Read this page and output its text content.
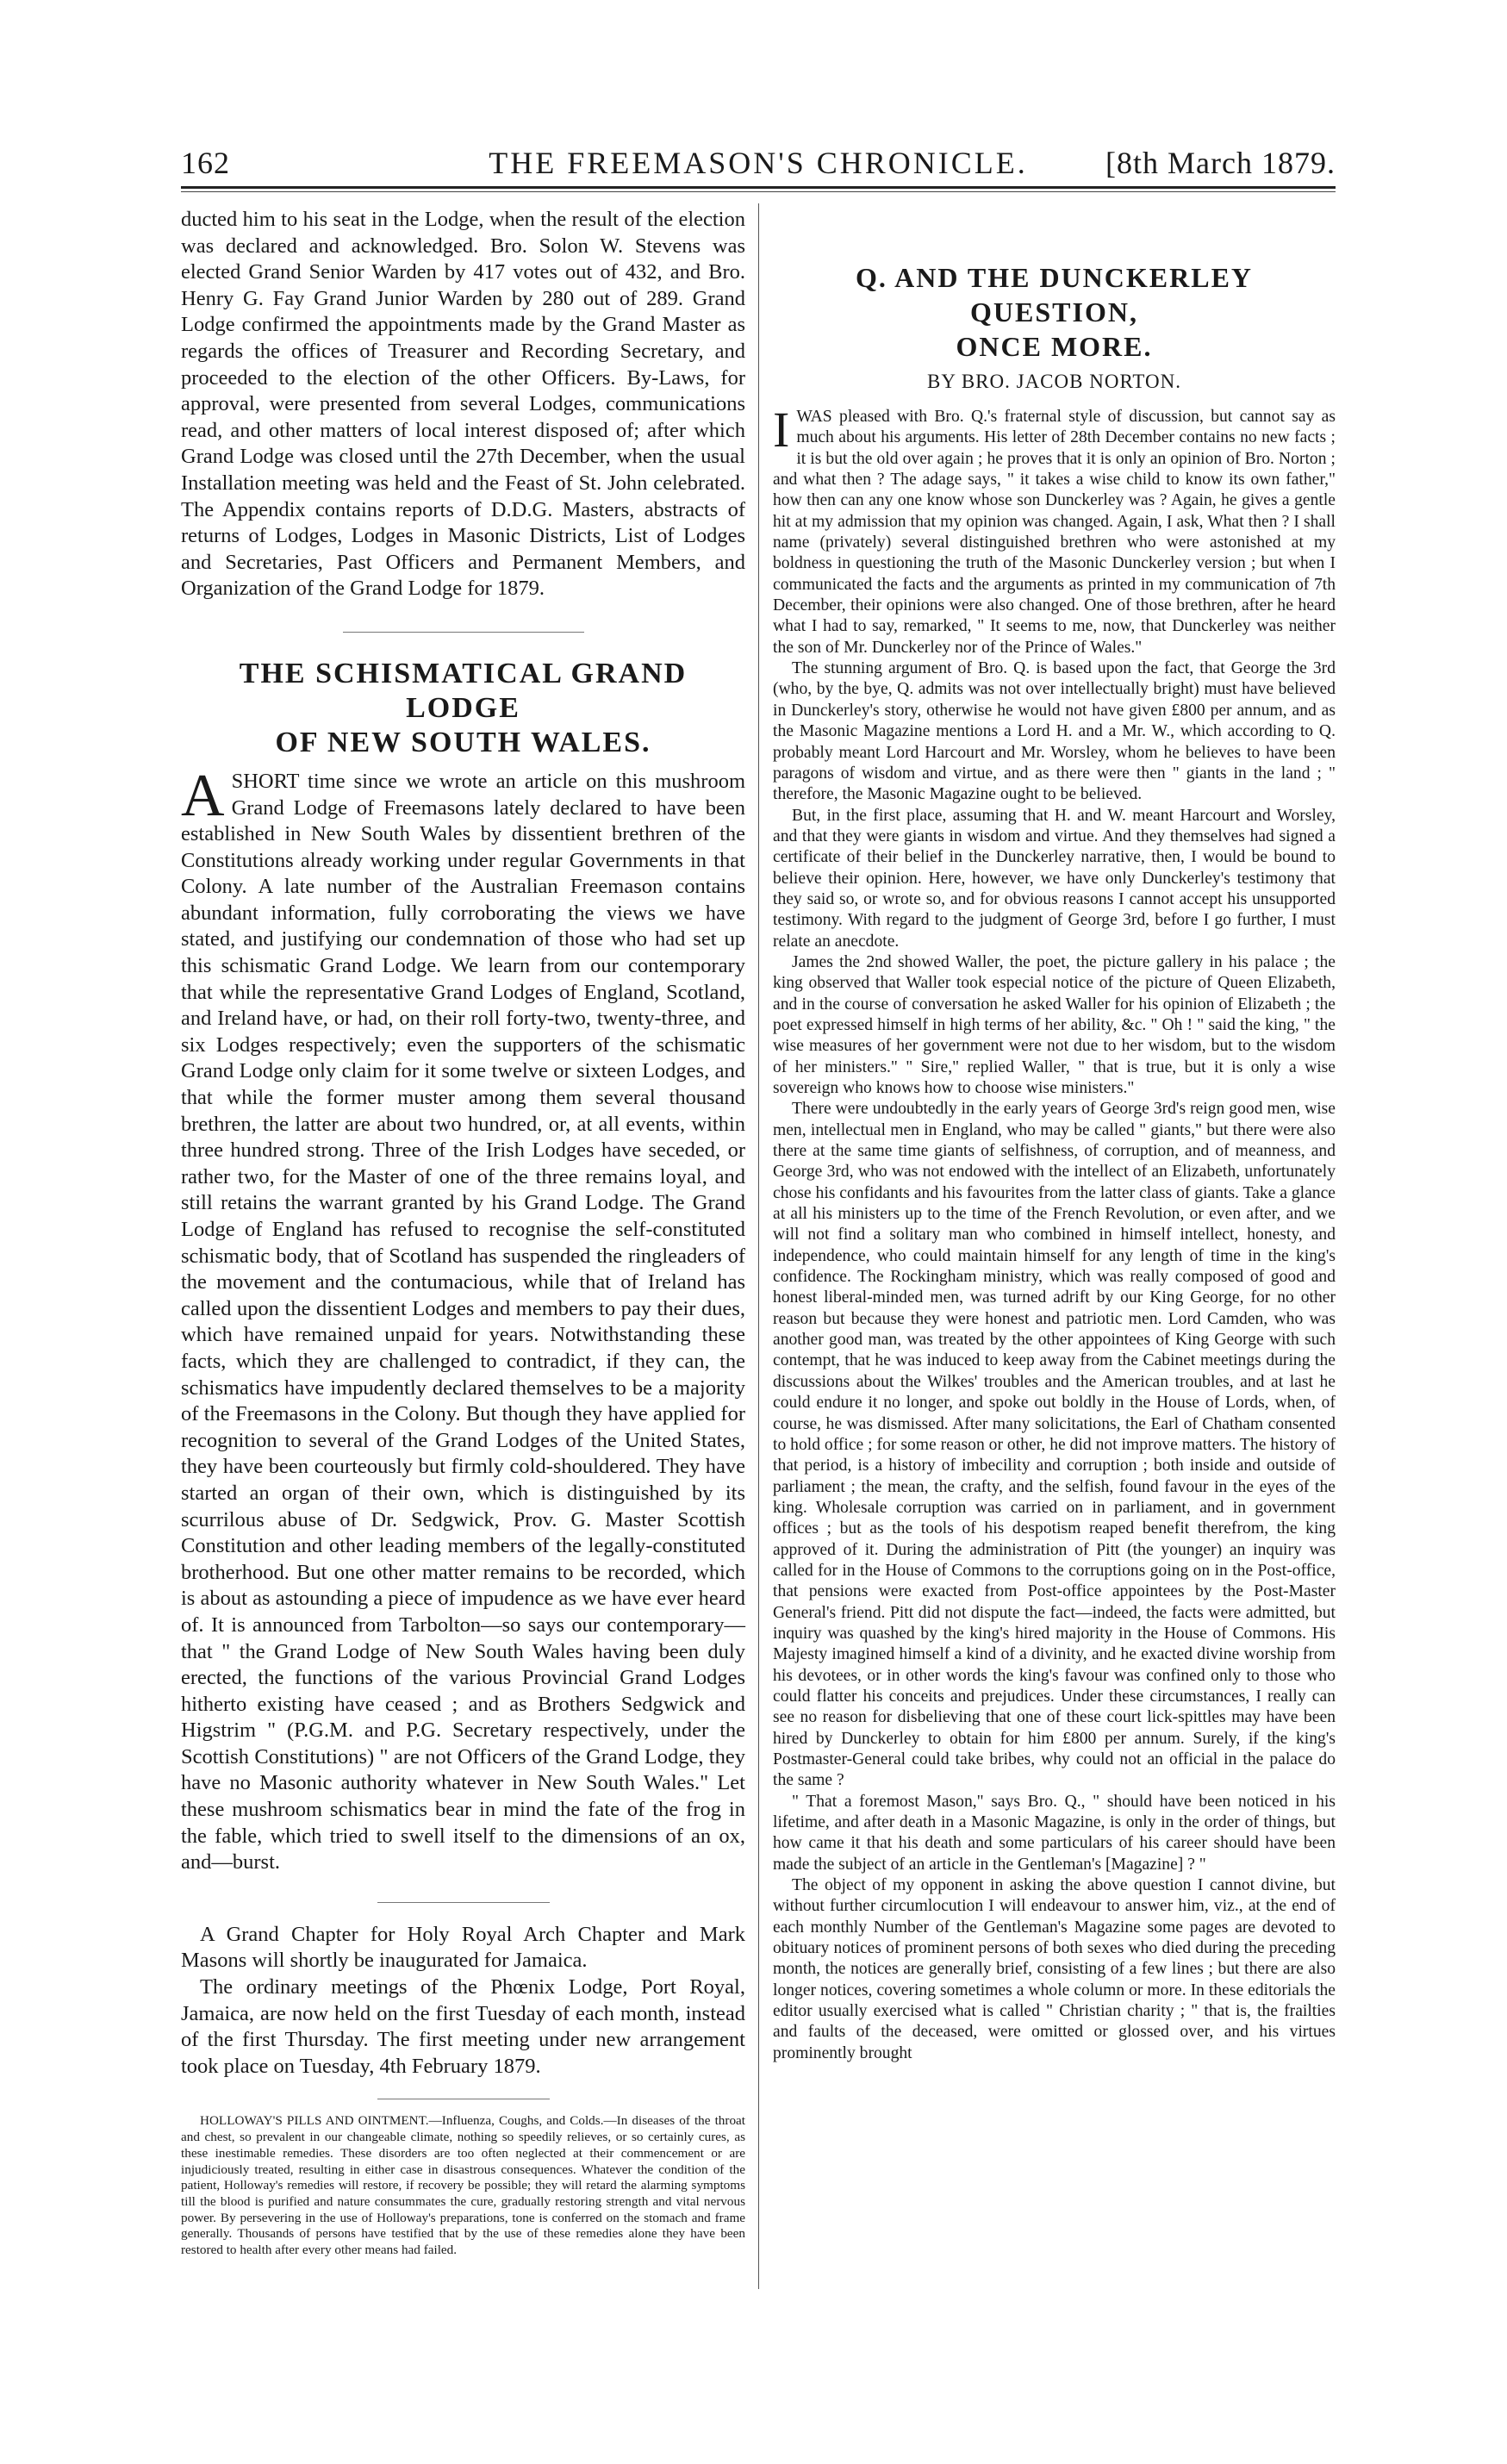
162	THE FREEMASON'S CHRONICLE.	[8th March 1879.

ducted him to his seat in the Lodge, when the result of the election was declared and acknowledged. Bro. Solon W. Stevens was elected Grand Senior Warden by 417 votes out of 432, and Bro. Henry G. Fay Grand Junior Warden by 280 out of 289. Grand Lodge confirmed the appointments made by the Grand Master as regards the offices of Treasurer and Recording Secretary, and proceeded to the election of the other Officers. By-Laws, for approval, were presented from several Lodges, communications read, and other matters of local interest disposed of; after which Grand Lodge was closed until the 27th December, when the usual Installation meeting was held and the Feast of St. John celebrated. The Appendix contains reports of D.D.G. Masters, abstracts of returns of Lodges, Lodges in Masonic Districts, List of Lodges and Secretaries, Past Officers and Permanent Members, and Organization of the Grand Lodge for 1879.

THE SCHISMATICAL GRAND LODGE
OF NEW SOUTH WALES.

A SHORT time since we wrote an article on this mushroom Grand Lodge of Freemasons lately declared to have been established in New South Wales by dissentient brethren of the Constitutions already working under regular Governments in that Colony. A late number of the Australian Freemason contains abundant information, fully corroborating the views we have stated, and justifying our condemnation of those who had set up this schismatic Grand Lodge. We learn from our contemporary that while the representative Grand Lodges of England, Scotland, and Ireland have, or had, on their roll forty-two, twenty-three, and six Lodges respectively; even the supporters of the schismatic Grand Lodge only claim for it some twelve or sixteen Lodges, and that while the former muster among them several thousand brethren, the latter are about two hundred, or, at all events, within three hundred strong. Three of the Irish Lodges have seceded, or rather two, for the Master of one of the three remains loyal, and still retains the warrant granted by his Grand Lodge. The Grand Lodge of England has refused to recognise the self-constituted schismatic body, that of Scotland has suspended the ringleaders of the movement and the contumacious, while that of Ireland has called upon the dissentient Lodges and members to pay their dues, which have remained unpaid for years. Notwithstanding these facts, which they are challenged to contradict, if they can, the schismatics have impudently declared themselves to be a majority of the Freemasons in the Colony. But though they have applied for recognition to several of the Grand Lodges of the United States, they have been courteously but firmly cold-shouldered. They have started an organ of their own, which is distinguished by its scurrilous abuse of Dr. Sedgwick, Prov. G. Master Scottish Constitution and other leading members of the legally-constituted brotherhood. But one other matter remains to be recorded, which is about as astounding a piece of impudence as we have ever heard of. It is announced from Tarbolton—so says our contemporary—that " the Grand Lodge of New South Wales having been duly erected, the functions of the various Provincial Grand Lodges hitherto existing have ceased ; and as Brothers Sedgwick and Higstrim " (P.G.M. and P.G. Secretary respectively, under the Scottish Constitutions) " are not Officers of the Grand Lodge, they have no Masonic authority whatever in New South Wales." Let these mushroom schismatics bear in mind the fate of the frog in the fable, which tried to swell itself to the dimensions of an ox, and—burst.

A Grand Chapter for Holy Royal Arch Chapter and Mark Masons will shortly be inaugurated for Jamaica.

The ordinary meetings of the Phœnix Lodge, Port Royal, Jamaica, are now held on the first Tuesday of each month, instead of the first Thursday. The first meeting under new arrangement took place on Tuesday, 4th February 1879.

HOLLOWAY'S PILLS AND OINTMENT.—Influenza, Coughs, and Colds.—In diseases of the throat and chest, so prevalent in our changeable climate, nothing so speedily relieves, or so certainly cures, as these inestimable remedies. These disorders are too often neglected at their commencement or are injudiciously treated, resulting in either case in disastrous consequences. Whatever the condition of the patient, Holloway's remedies will restore, if recovery be possible; they will retard the alarming symptoms till the blood is purified and nature consummates the cure, gradually restoring strength and vital nervous power. By persevering in the use of Holloway's preparations, tone is conferred on the stomach and frame generally. Thousands of persons have testified that by the use of these remedies alone they have been restored to health after every other means had failed.

Q. AND THE DUNCKERLEY QUESTION,
ONCE MORE.

BY BRO. JACOB NORTON.

I WAS pleased with Bro. Q.'s fraternal style of discussion, but cannot say as much about his arguments. His letter of 28th December contains no new facts ; it is but the old over again ; he proves that it is only an opinion of Bro. Norton ; and what then ? The adage says, " it takes a wise child to know its own father," how then can any one know whose son Dunckerley was ? Again, he gives a gentle hit at my admission that my opinion was changed. Again, I ask, What then ? I shall name (privately) several distinguished brethren who were astonished at my boldness in questioning the truth of the Masonic Dunckerley version ; but when I communicated the facts and the arguments as printed in my communication of 7th December, their opinions were also changed. One of those brethren, after he heard what I had to say, remarked, " It seems to me, now, that Dunckerley was neither the son of Mr. Dunckerley nor of the Prince of Wales."

The stunning argument of Bro. Q. is based upon the fact, that George the 3rd (who, by the bye, Q. admits was not over intellectually bright) must have believed in Dunckerley's story, otherwise he would not have given £800 per annum, and as the Masonic Magazine mentions a Lord H. and a Mr. W., which according to Q. probably meant Lord Harcourt and Mr. Worsley, whom he believes to have been paragons of wisdom and virtue, and as there were then " giants in the land ; " therefore, the Masonic Magazine ought to be believed.

But, in the first place, assuming that H. and W. meant Harcourt and Worsley, and that they were giants in wisdom and virtue. And they themselves had signed a certificate of their belief in the Dunckerley narrative, then, I would be bound to believe their opinion. Here, however, we have only Dunckerley's testimony that they said so, or wrote so, and for obvious reasons I cannot accept his unsupported testimony. With regard to the judgment of George 3rd, before I go further, I must relate an anecdote.

James the 2nd showed Waller, the poet, the picture gallery in his palace ; the king observed that Waller took especial notice of the picture of Queen Elizabeth, and in the course of conversation he asked Waller for his opinion of Elizabeth ; the poet expressed himself in high terms of her ability, &c. " Oh ! " said the king, " the wise measures of her government were not due to her wisdom, but to the wisdom of her ministers." " Sire," replied Waller, " that is true, but it is only a wise sovereign who knows how to choose wise ministers."

There were undoubtedly in the early years of George 3rd's reign good men, wise men, intellectual men in England, who may be called " giants," but there were also there at the same time giants of selfishness, of corruption, and of meanness, and George 3rd, who was not endowed with the intellect of an Elizabeth, unfortunately chose his confidants and his favourites from the latter class of giants. Take a glance at all his ministers up to the time of the French Revolution, or even after, and we will not find a solitary man who combined in himself intellect, honesty, and independence, who could maintain himself for any length of time in the king's confidence. The Rockingham ministry, which was really composed of good and honest liberal-minded men, was turned adrift by our King George, for no other reason but because they were honest and patriotic men. Lord Camden, who was another good man, was treated by the other appointees of King George with such contempt, that he was induced to keep away from the Cabinet meetings during the discussions about the Wilkes' troubles and the American troubles, and at last he could endure it no longer, and spoke out boldly in the House of Lords, when, of course, he was dismissed. After many solicitations, the Earl of Chatham consented to hold office ; for some reason or other, he did not improve matters. The history of that period, is a history of imbecility and corruption ; both inside and outside of parliament ; the mean, the crafty, and the selfish, found favour in the eyes of the king. Wholesale corruption was carried on in parliament, and in government offices ; but as the tools of his despotism reaped benefit therefrom, the king approved of it. During the administration of Pitt (the younger) an inquiry was called for in the House of Commons to the corruptions going on in the Post-office, that pensions were exacted from Post-office appointees by the Post-Master General's friend. Pitt did not dispute the fact—indeed, the facts were admitted, but inquiry was quashed by the king's hired majority in the House of Commons. His Majesty imagined himself a kind of a divinity, and he exacted divine worship from his devotees, or in other words the king's favour was confined only to those who could flatter his conceits and prejudices. Under these circumstances, I really can see no reason for disbelieving that one of these court lick-spittles may have been hired by Dunckerley to obtain for him £800 per annum. Surely, if the king's Postmaster-General could take bribes, why could not an official in the palace do the same ?

" That a foremost Mason," says Bro. Q., " should have been noticed in his lifetime, and after death in a Masonic Magazine, is only in the order of things, but how came it that his death and some particulars of his career should have been made the subject of an article in the Gentleman's [Magazine] ? "

The object of my opponent in asking the above question I cannot divine, but without further circumlocution I will endeavour to answer him, viz., at the end of each monthly Number of the Gentleman's Magazine some pages are devoted to obituary notices of prominent persons of both sexes who died during the preceding month, the notices are generally brief, consisting of a few lines ; but there are also longer notices, covering sometimes a whole column or more. In these editorials the editor usually exercised what is called " Christian charity ; " that is, the frailties and faults of the deceased, were omitted or glossed over, and his virtues prominently brought
